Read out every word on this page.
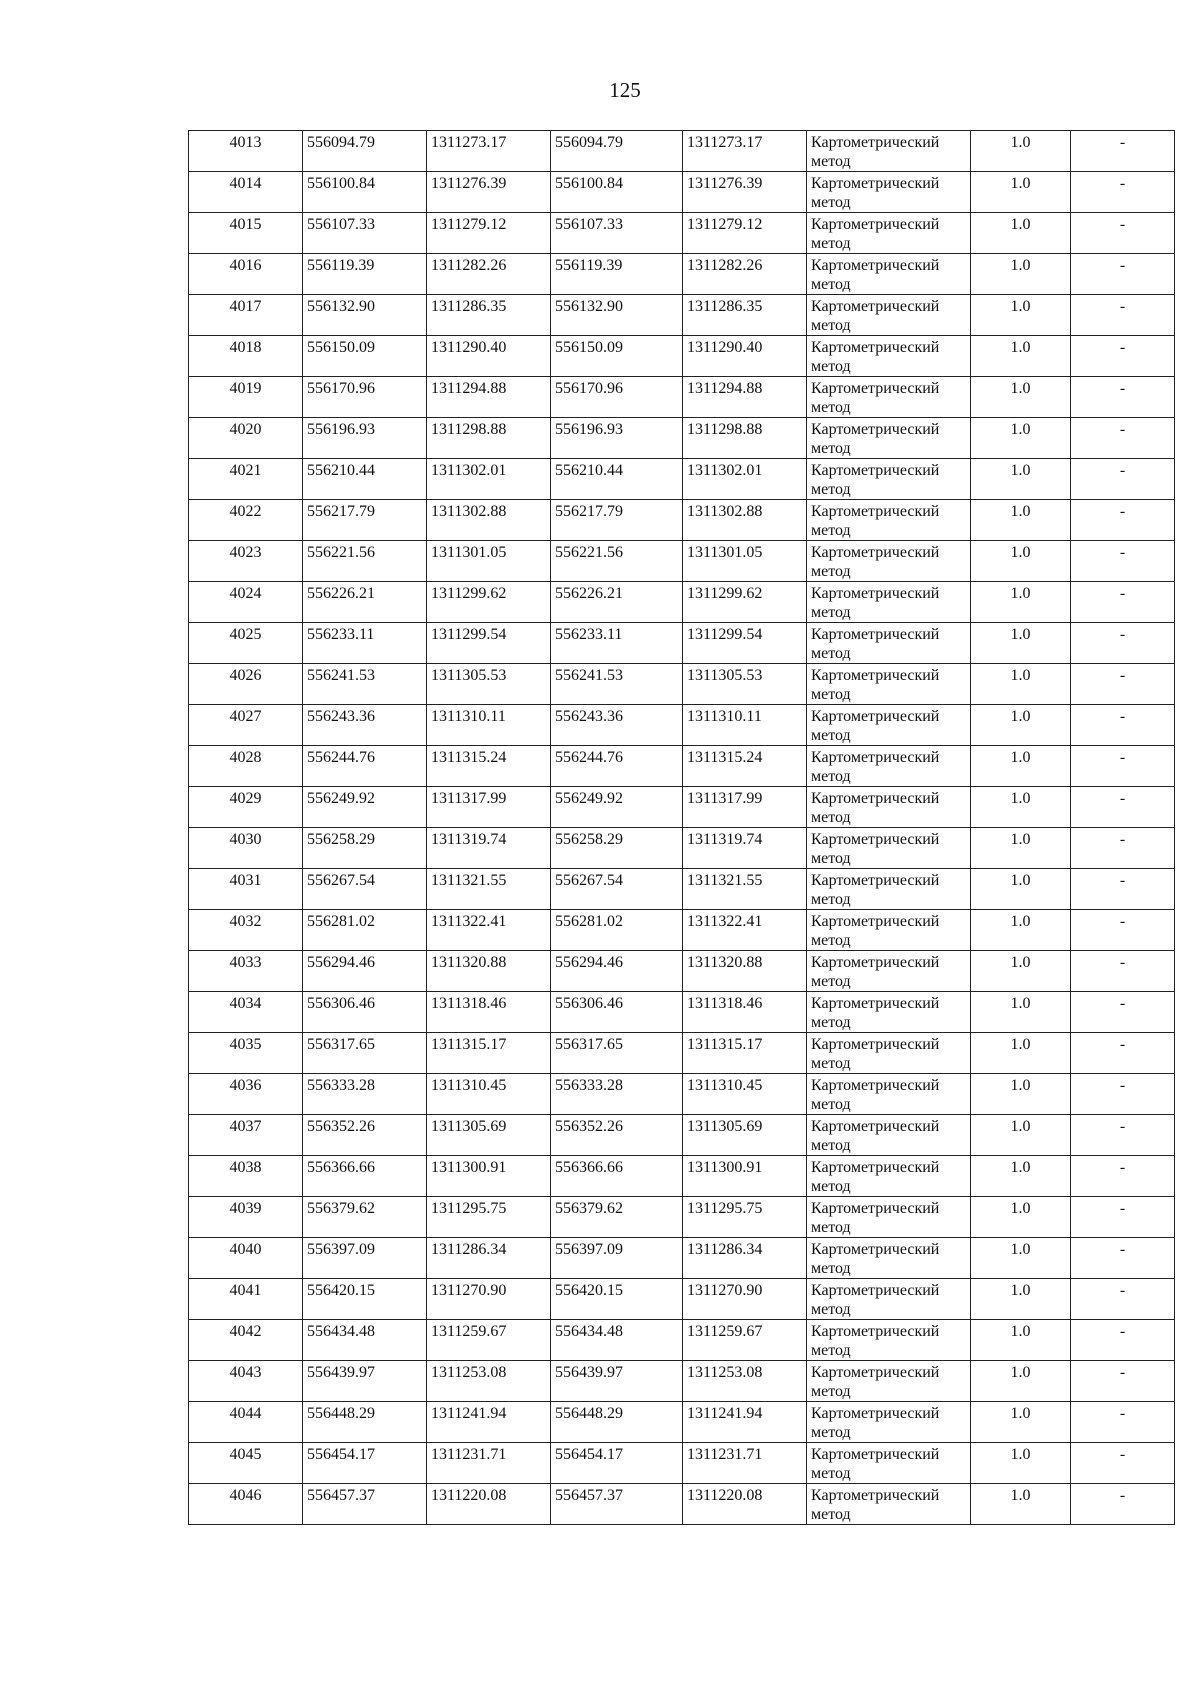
125
4013	556094.79	1311273.17	556094.79	1311273.17	Картометрический метод	1.0	-
4014	556100.84	1311276.39	556100.84	1311276.39	Картометрический метод	1.0	-
4015	556107.33	1311279.12	556107.33	1311279.12	Картометрический метод	1.0	-
4016	556119.39	1311282.26	556119.39	1311282.26	Картометрический метод	1.0	-
4017	556132.90	1311286.35	556132.90	1311286.35	Картометрический метод	1.0	-
4018	556150.09	1311290.40	556150.09	1311290.40	Картометрический метод	1.0	-
4019	556170.96	1311294.88	556170.96	1311294.88	Картометрический метод	1.0	-
4020	556196.93	1311298.88	556196.93	1311298.88	Картометрический метод	1.0	-
4021	556210.44	1311302.01	556210.44	1311302.01	Картометрический метод	1.0	-
4022	556217.79	1311302.88	556217.79	1311302.88	Картометрический метод	1.0	-
4023	556221.56	1311301.05	556221.56	1311301.05	Картометрический метод	1.0	-
4024	556226.21	1311299.62	556226.21	1311299.62	Картометрический метод	1.0	-
4025	556233.11	1311299.54	556233.11	1311299.54	Картометрический метод	1.0	-
4026	556241.53	1311305.53	556241.53	1311305.53	Картометрический метод	1.0	-
4027	556243.36	1311310.11	556243.36	1311310.11	Картометрический метод	1.0	-
4028	556244.76	1311315.24	556244.76	1311315.24	Картометрический метод	1.0	-
4029	556249.92	1311317.99	556249.92	1311317.99	Картометрический метод	1.0	-
4030	556258.29	1311319.74	556258.29	1311319.74	Картометрический метод	1.0	-
4031	556267.54	1311321.55	556267.54	1311321.55	Картометрический метод	1.0	-
4032	556281.02	1311322.41	556281.02	1311322.41	Картометрический метод	1.0	-
4033	556294.46	1311320.88	556294.46	1311320.88	Картометрический метод	1.0	-
4034	556306.46	1311318.46	556306.46	1311318.46	Картометрический метод	1.0	-
4035	556317.65	1311315.17	556317.65	1311315.17	Картометрический метод	1.0	-
4036	556333.28	1311310.45	556333.28	1311310.45	Картометрический метод	1.0	-
4037	556352.26	1311305.69	556352.26	1311305.69	Картометрический метод	1.0	-
4038	556366.66	1311300.91	556366.66	1311300.91	Картометрический метод	1.0	-
4039	556379.62	1311295.75	556379.62	1311295.75	Картометрический метод	1.0	-
4040	556397.09	1311286.34	556397.09	1311286.34	Картометрический метод	1.0	-
4041	556420.15	1311270.90	556420.15	1311270.90	Картометрический метод	1.0	-
4042	556434.48	1311259.67	556434.48	1311259.67	Картометрический метод	1.0	-
4043	556439.97	1311253.08	556439.97	1311253.08	Картометрический метод	1.0	-
4044	556448.29	1311241.94	556448.29	1311241.94	Картометрический метод	1.0	-
4045	556454.17	1311231.71	556454.17	1311231.71	Картометрический метод	1.0	-
4046	556457.37	1311220.08	556457.37	1311220.08	Картометрический метод	1.0	-
